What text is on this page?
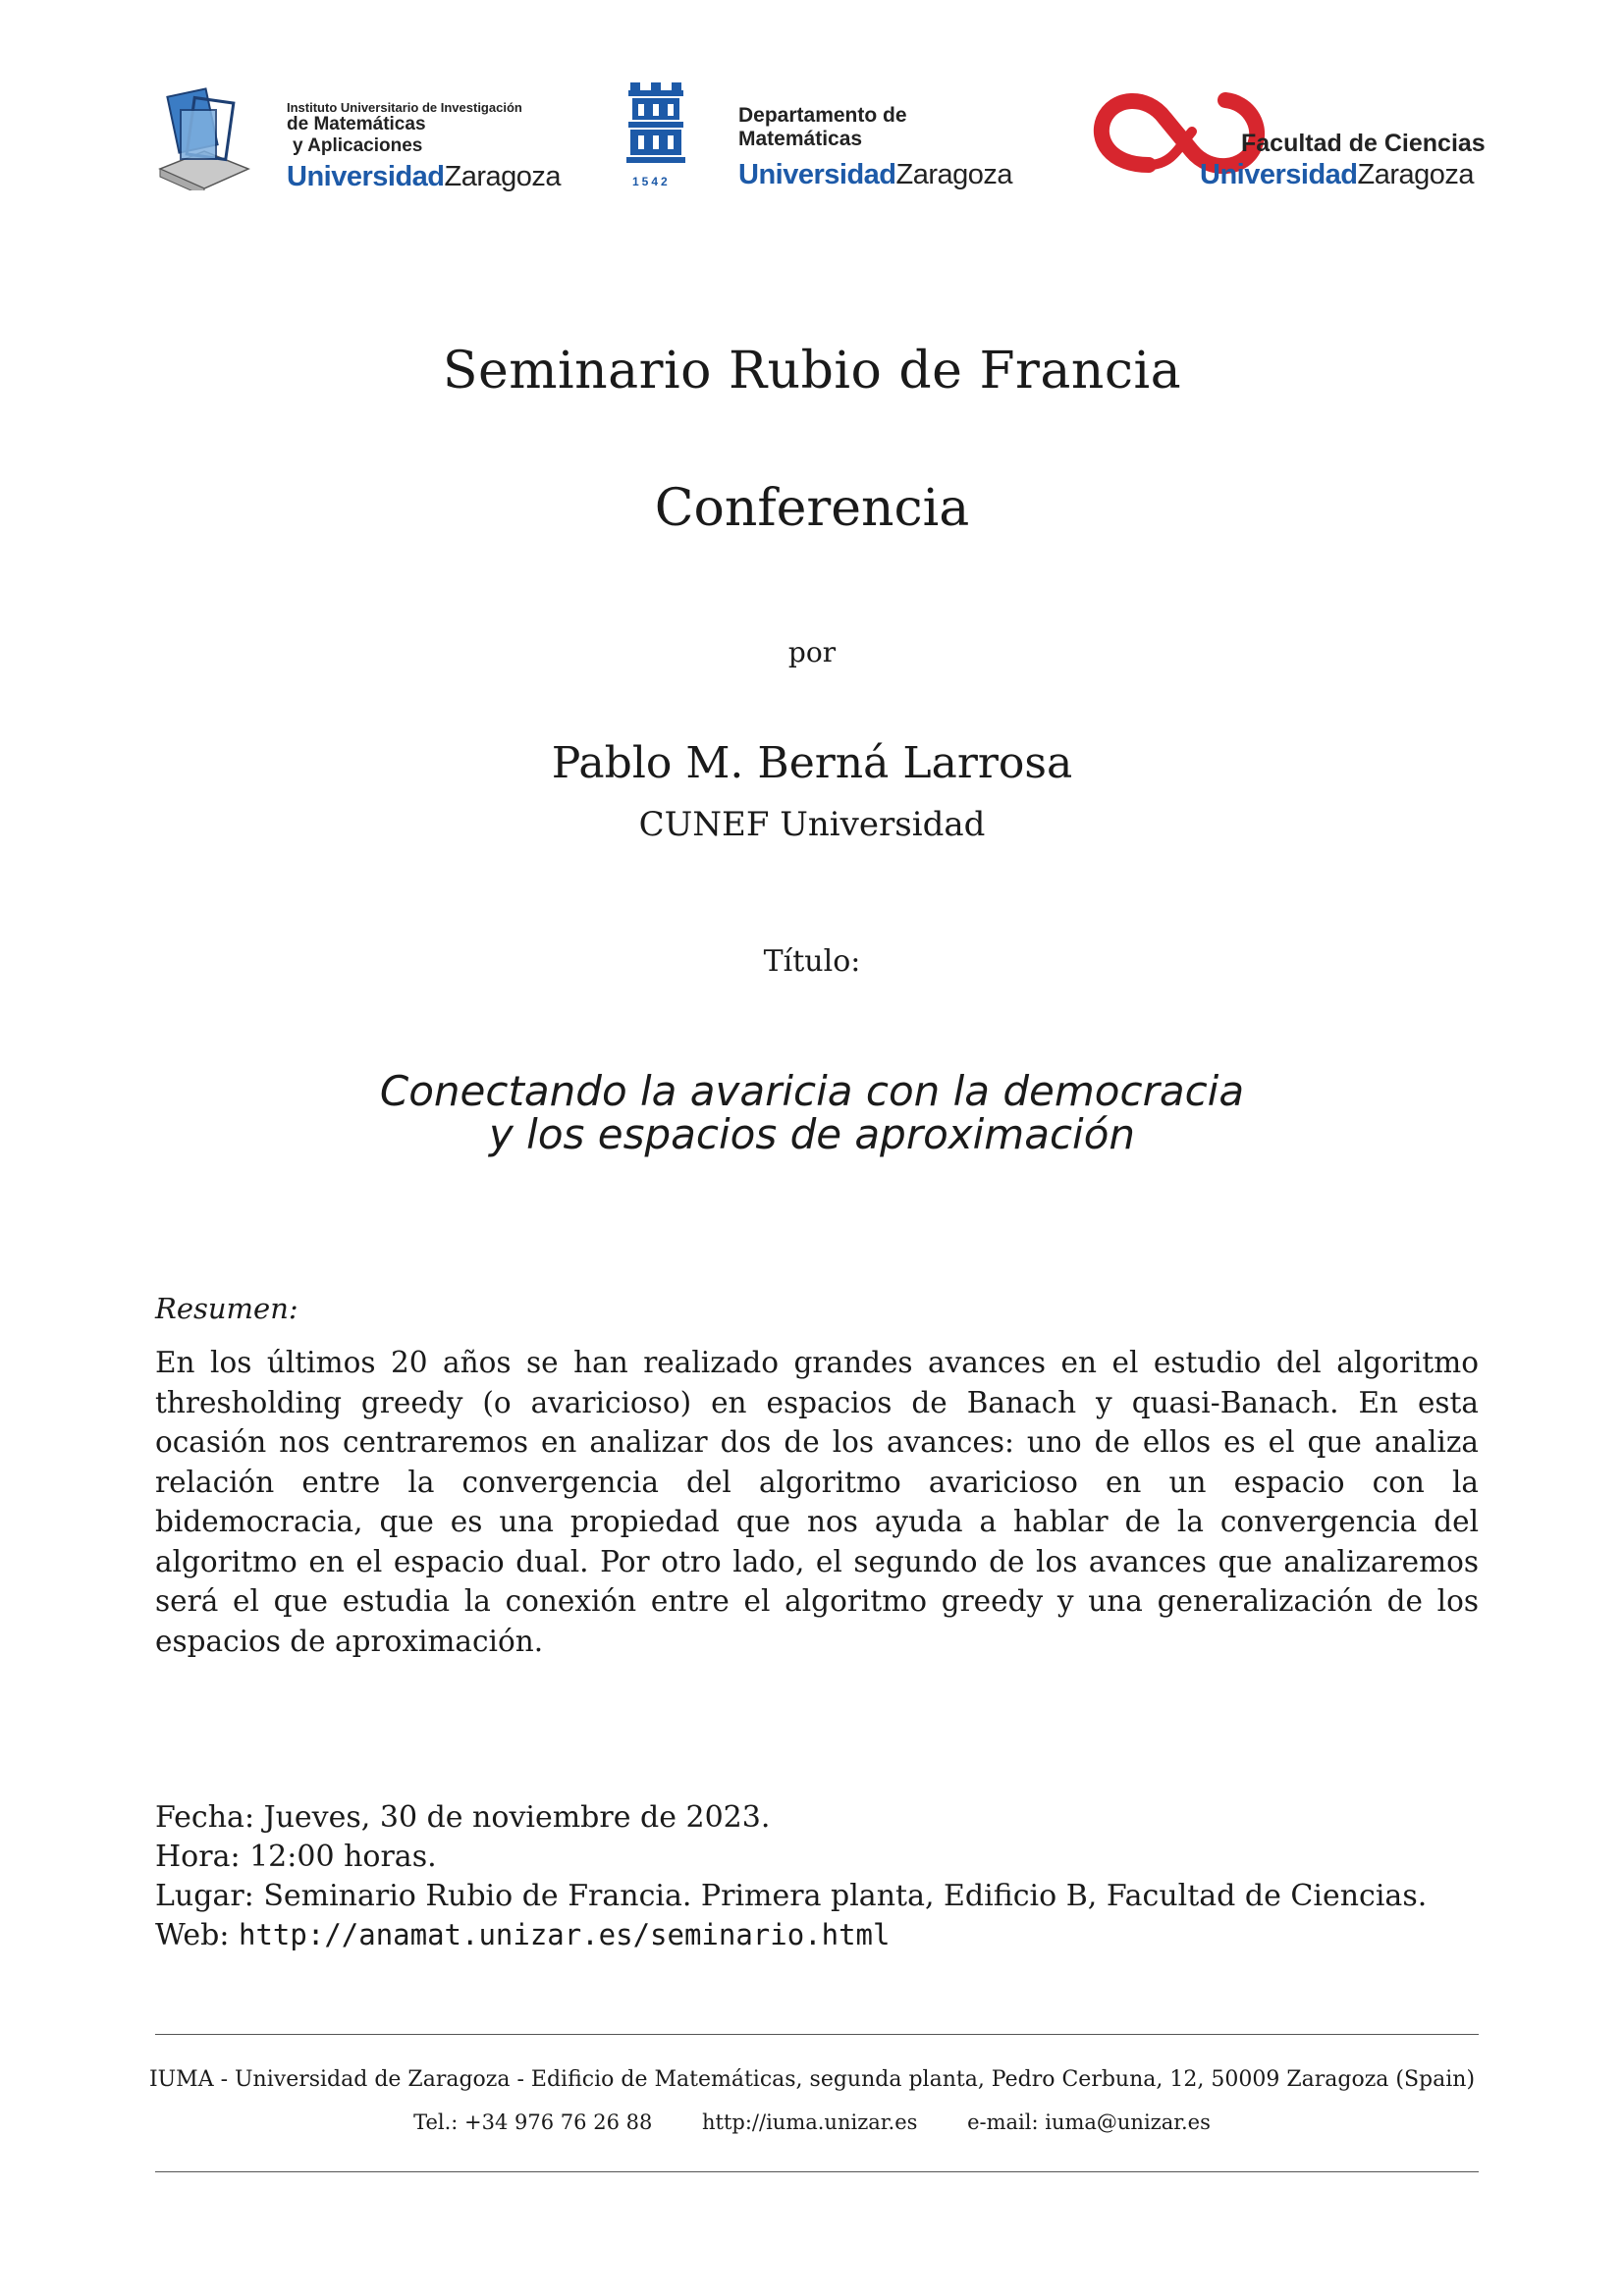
Instituto Universitario de Investigación
de Matemáticas
y Aplicaciones
UniversidadZaragoza	1542
Departamento de
Matemáticas
UniversidadZaragoza
Facultad de Ciencias
UniversidadZaragoza
Seminario Rubio de Francia
Conferencia
por
Pablo M. Berná Larrosa
CUNEF Universidad
Título:
Conectando la avaricia con la democracia
y los espacios de aproximación
Resumen:
En los últimos 20 años se han realizado grandes avances en el estudio del algoritmo thresholding greedy (o avaricioso) en espacios de Banach y quasi-Banach. En esta ocasión nos centraremos en analizar dos de los avances: uno de ellos es el que analiza relación entre la convergencia del algoritmo avaricioso en un espacio con la bidemocracia, que es una propiedad que nos ayuda a hablar de la convergencia del algoritmo en el espacio dual. Por otro lado, el segundo de los avances que analizaremos será el que estudia la conexión entre el algoritmo greedy y una generalización de los espacios de aproximación.
Fecha: Jueves, 30 de noviembre de 2023.
Hora: 12:00 horas.
Lugar: Seminario Rubio de Francia. Primera planta, Edificio B, Facultad de Ciencias.
Web: http://anamat.unizar.es/seminario.html
IUMA - Universidad de Zaragoza - Edificio de Matemáticas, segunda planta, Pedro Cerbuna, 12, 50009 Zaragoza (Spain)
Tel.: +34 976 76 26 88 http://iuma.unizar.es e-mail: iuma@unizar.es
